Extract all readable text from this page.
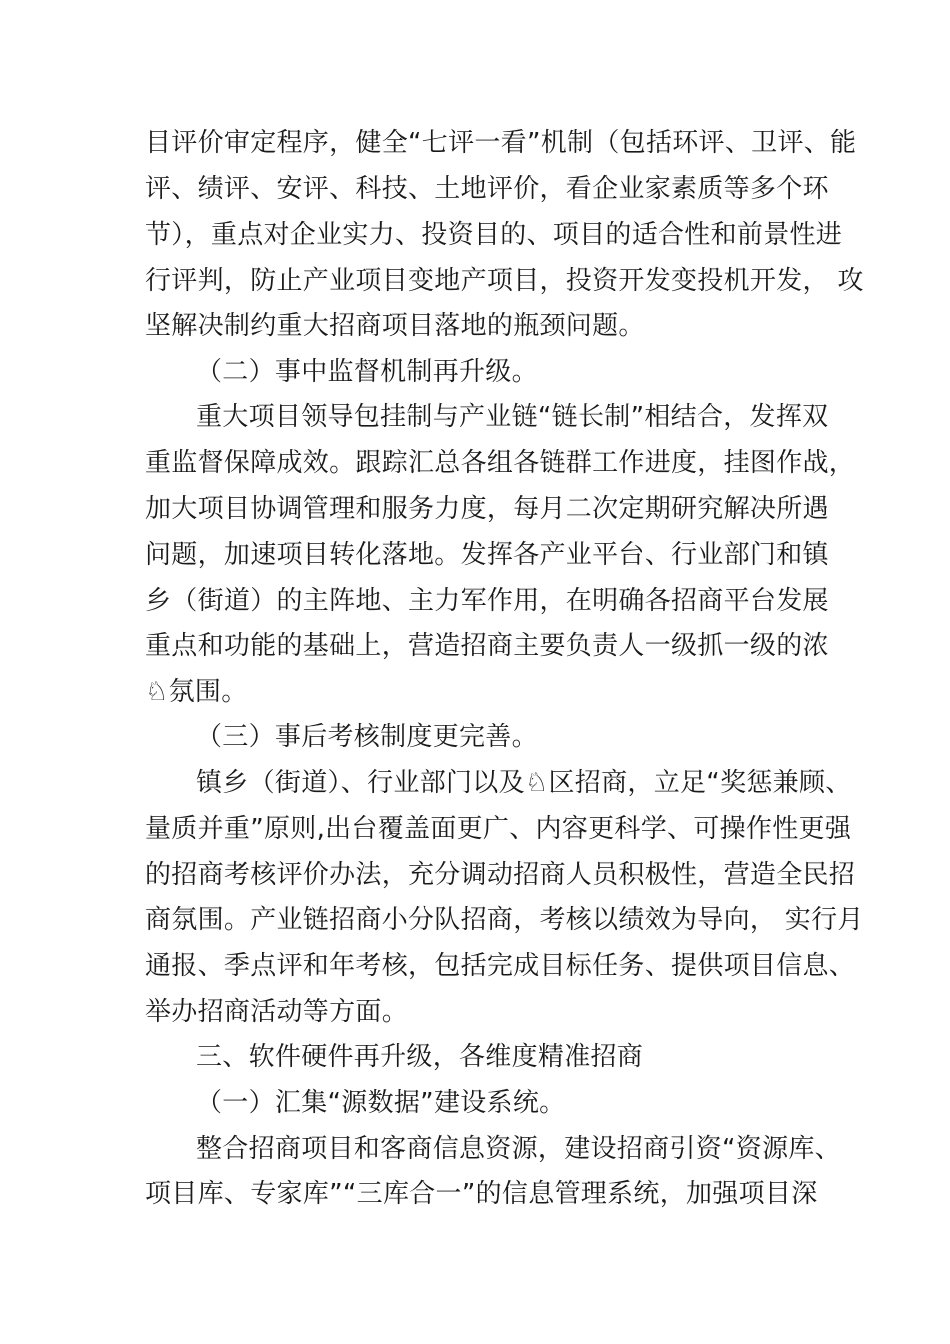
目评价审定程序，健全“七评一看”机制（包括环评、卫评、能
评、绩评、安评、科技、土地评价，看企业家素质等多个环
节），重点对企业实力、投资目的、项目的适合性和前景性进
行评判，防止产业项目变地产项目，投资开发变投机开发， 攻
坚解决制约重大招商项目落地的瓶颈问题。
（二）事中监督机制再升级。
重大项目领导包挂制与产业链“链长制”相结合，发挥双
重监督保障成效。跟踪汇总各组各链群工作进度，挂图作战，
加大项目协调管理和服务力度，每月二次定期研究解决所遇
问题，加速项目转化落地。发挥各产业平台、行业部门和镇
乡（街道）的主阵地、主力军作用，在明确各招商平台发展
重点和功能的基础上，营造招商主要负责人一级抓一级的浓
♘氛围。
（三）事后考核制度更完善。
镇乡（街道）、行业部门以及♘区招商，立足“奖惩兼顾、
量质并重”原则,出台覆盖面更广、内容更科学、可操作性更强
的招商考核评价办法，充分调动招商人员积极性，营造全民招
商氛围。产业链招商小分队招商，考核以绩效为导向， 实行月
通报、季点评和年考核，包括完成目标任务、提供项目信息、
举办招商活动等方面。
三、软件硬件再升级，各维度精准招商
（一）汇集“源数据”建设系统。
整合招商项目和客商信息资源，建设招商引资“资源库、
项目库、专家库”“三库合一”的信息管理系统，加强项目深
